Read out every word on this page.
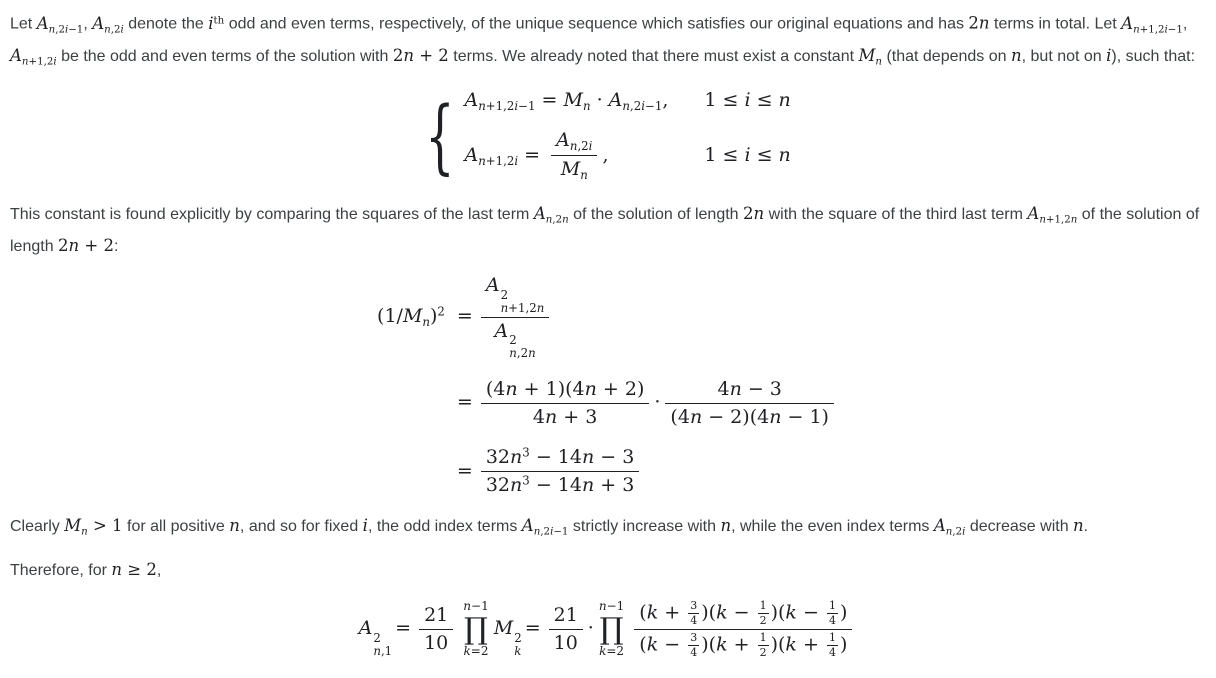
Let $A_{n,2i-1}$, $A_{n,2i}$ denote the $i^{th}$ odd and even terms, respectively, of the unique sequence which satisfies our original equations and has 2n terms in total. Let $A_{n+1,2i-1}$, $A_{n+1,2i}$ be the odd and even terms of the solution with 2n + 2 terms. We already noted that there must exist a constant $M_n$ (that depends on n, but not on i), such that:

{ $A_{n+1,2i-1} = M_n \cdot A_{n,2i-1}$, 1 ≤ i ≤ n
$A_{n+1,2i} = \frac{A_{n,2i}}{M_n}$ ,	1 ≤ i ≤ n

This constant is found explicitly by comparing the squares of the last term $A_{n,2n}$ of the solution of length 2n with the square of the third last term $A_{n+1,2n}$ of the solution of length 2n + 2:

$(1/M_n)^2 = A$ 2
n+1,2n
A 2
n,2n
= $\frac{(4n + 1)(4n + 2)}{4n + 3} \cdot \frac{4n - 3}{(4n - 2)(4n - 1)}$
= $\frac{32n^3 - 14n - 3}{32n^3 - 14n + 3}$

Clearly $M_n > 1$ for all positive n, and so for fixed i, the odd index terms $A_{n,2i-1}$ strictly increase with n, while the even index terms $A_{n,2i}$ decrease with n.

Therefore, for n ≥ 2,

A 2
n,1
= $\frac{21}{10} n-1$
∏
k=2
M 2
k
= $\frac{21}{10}$ ·
n−1
∏
$k=2 \frac{(k + \frac{3}{4} )(k - \frac{1}{2} )(k - \frac{1}{4} )}{(k - \frac{3}{4} )(k + \frac{1}{2} )(k + \frac{1}{4} )}$
